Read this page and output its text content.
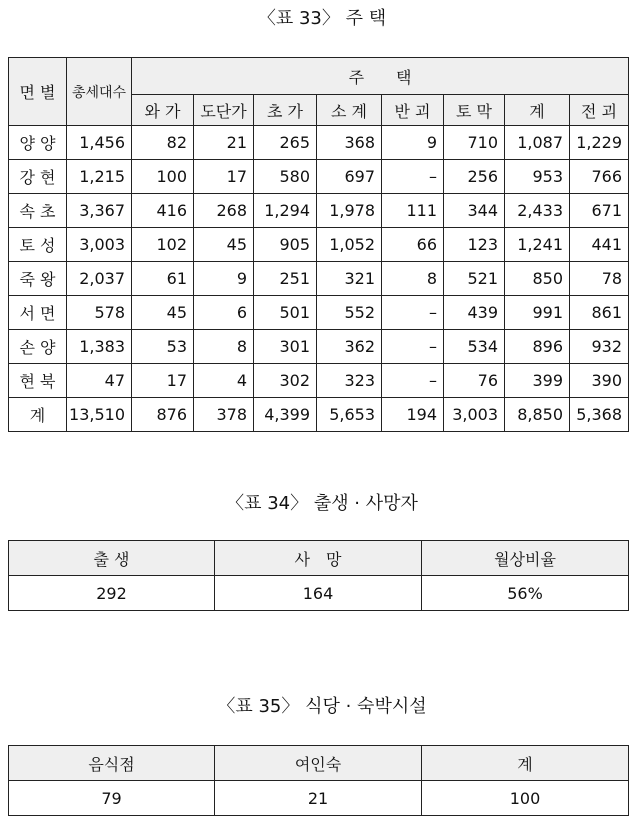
〈표 33〉 주 택
면 별	총세대수	주　　택							
		와 가	도단가	초 가	소 계	반 괴	토 막	계	전 괴
양 양	1,456	82	21	265	368	9	710	1,087	1,229
강 현	1,215	100	17	580	697	–	256	953	766
속 초	3,367	416	268	1,294	1,978	111	344	2,433	671
토 성	3,003	102	45	905	1,052	66	123	1,241	441
죽 왕	2,037	61	9	251	321	8	521	850	78
서 면	578	45	6	501	552	–	439	991	861
손 양	1,383	53	8	301	362	–	534	896	932
현 북	47	17	4	302	323	–	76	399	390
계	13,510	876	378	4,399	5,653	194	3,003	8,850	5,368
〈표 34〉 출생 · 사망자
출 생	사　망	월상비율
292	164	56%
〈표 35〉 식당 · 숙박시설
음식점	여인숙	계
79	21	100
